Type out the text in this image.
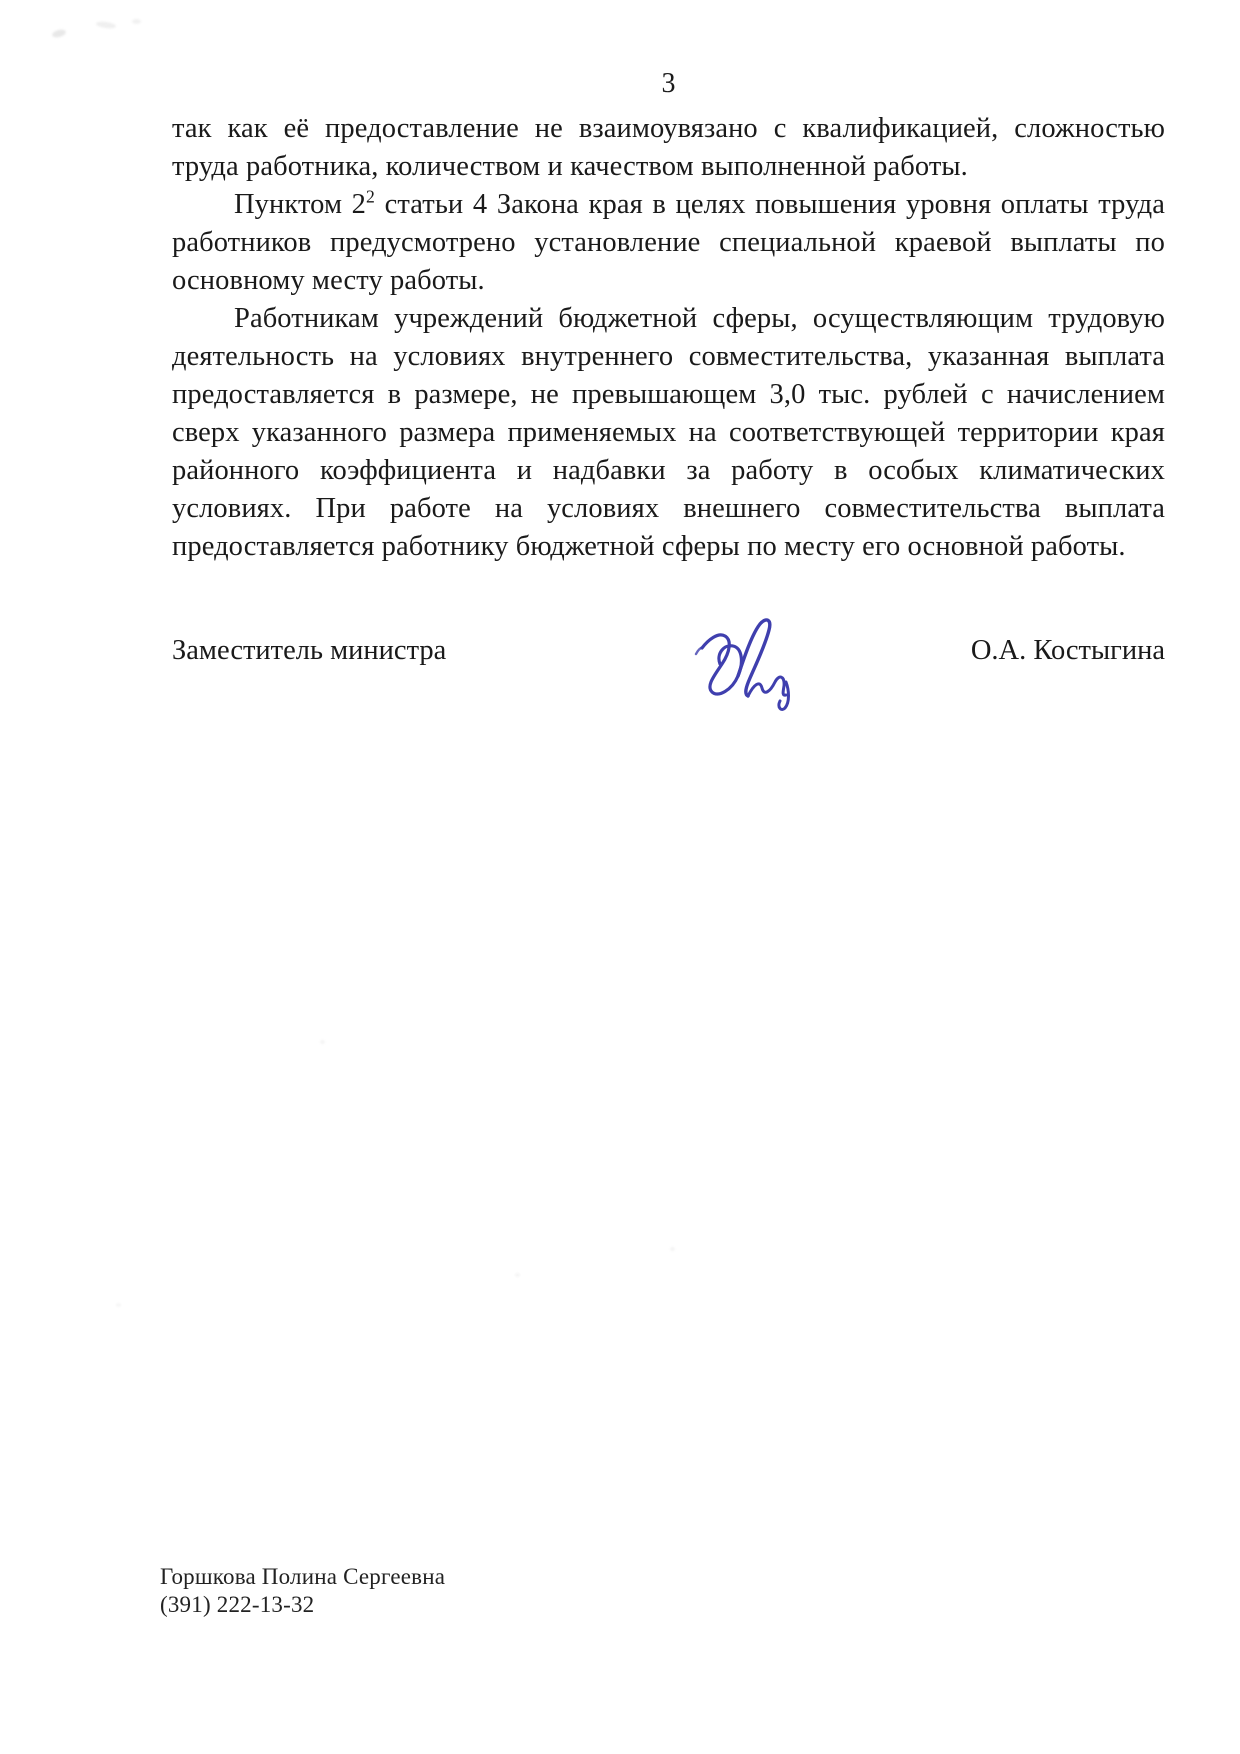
3

так как её предоставление не взаимоувязано с квалификацией, сложностью труда работника, количеством и качеством выполненной работы.

Пунктом $2^2$ статьи 4 Закона края в целях повышения уровня оплаты труда работников предусмотрено установление специальной краевой выплаты по основному месту работы.

Работникам учреждений бюджетной сферы, осуществляющим трудовую деятельность на условиях внутреннего совместительства, указанная выплата предоставляется в размере, не превышающем 3,0 тыс. рублей с начислением сверх указанного размера применяемых на соответствующей территории края районного коэффициента и надбавки за работу в особых климатических условиях. При работе на условиях внешнего совместительства выплата предоставляется работнику бюджетной сферы по месту его основной работы.

Заместитель министра	О.А. Костыгина
Горшкова Полина Сергеевна
(391) 222-13-32
